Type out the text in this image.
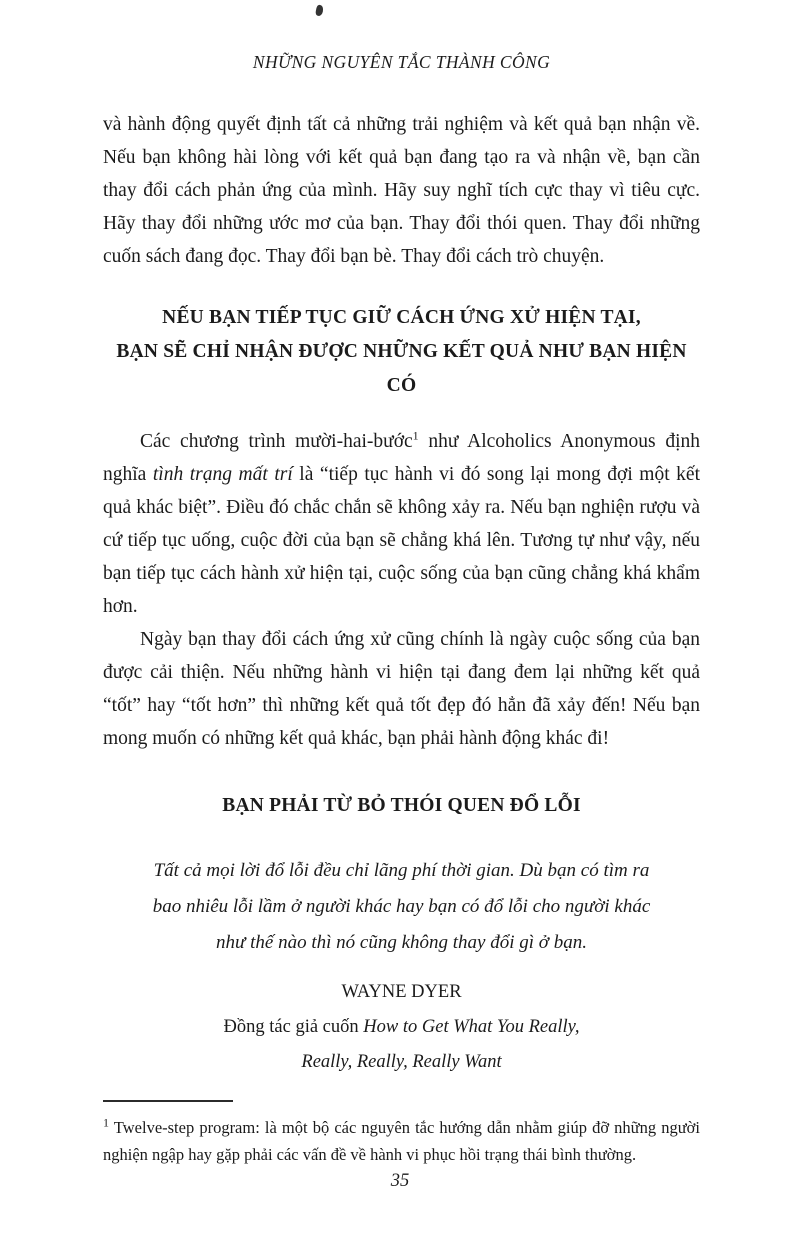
NHỮNG NGUYÊN TẮC THÀNH CÔNG

và hành động quyết định tất cả những trải nghiệm và kết quả bạn nhận về. Nếu bạn không hài lòng với kết quả bạn đang tạo ra và nhận về, bạn cần thay đổi cách phản ứng của mình. Hãy suy nghĩ tích cực thay vì tiêu cực. Hãy thay đổi những ước mơ của bạn. Thay đổi thói quen. Thay đổi những cuốn sách đang đọc. Thay đổi bạn bè. Thay đổi cách trò chuyện.

NẾU BẠN TIẾP TỤC GIỮ CÁCH ỨNG XỬ HIỆN TẠI,
BẠN SẼ CHỈ NHẬN ĐƯỢC NHỮNG KẾT QUẢ NHƯ BẠN HIỆN CÓ

Các chương trình mười-hai-bước$^1$ như Alcoholics Anonymous định nghĩa tình trạng mất trí là “tiếp tục hành vi đó song lại mong đợi một kết quả khác biệt”. Điều đó chắc chắn sẽ không xảy ra. Nếu bạn nghiện rượu và cứ tiếp tục uống, cuộc đời của bạn sẽ chẳng khá lên. Tương tự như vậy, nếu bạn tiếp tục cách hành xử hiện tại, cuộc sống của bạn cũng chẳng khá khẩm hơn.

Ngày bạn thay đổi cách ứng xử cũng chính là ngày cuộc sống của bạn được cải thiện. Nếu những hành vi hiện tại đang đem lại những kết quả “tốt” hay “tốt hơn” thì những kết quả tốt đẹp đó hẳn đã xảy đến! Nếu bạn mong muốn có những kết quả khác, bạn phải hành động khác đi!

BẠN PHẢI TỪ BỎ THÓI QUEN ĐỔ LỖI
Tất cả mọi lời đổ lỗi đều chỉ lãng phí thời gian. Dù bạn có tìm ra
bao nhiêu lỗi lầm ở người khác hay bạn có đổ lỗi cho người khác
như thế nào thì nó cũng không thay đổi gì ở bạn.
WAYNE DYER
Đồng tác giả cuốn How to Get What You Really,
Really, Really, Really Want

$^1$ Twelve-step program: là một bộ các nguyên tắc hướng dẫn nhằm giúp đỡ những người nghiện ngập hay gặp phải các vấn đề về hành vi phục hồi trạng thái bình thường.

35
